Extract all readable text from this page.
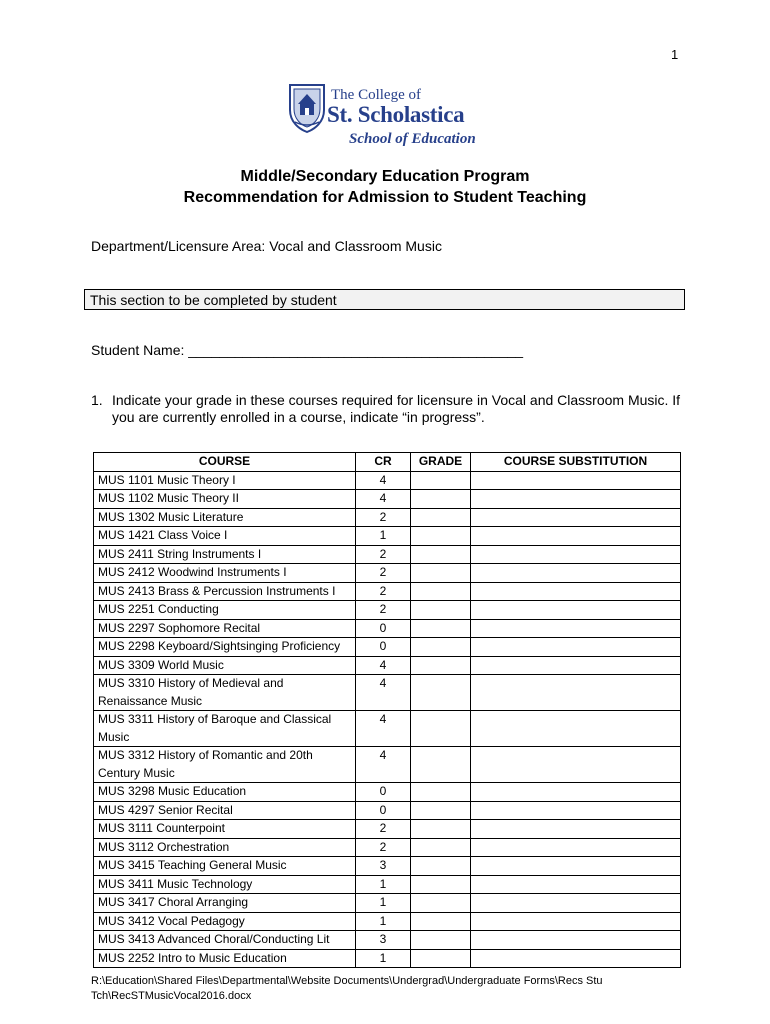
1
The College of
St. Scholastica
School of Education
Middle/Secondary Education Program
Recommendation for Admission to Student Teaching
Department/Licensure Area: Vocal and Classroom Music
This section to be completed by student
Student Name: ___________________________________________
1. Indicate your grade in these courses required for licensure in Vocal and Classroom Music. If you are currently enrolled in a course, indicate “in progress”.
COURSE	CR	GRADE	COURSE SUBSTITUTION
MUS 1101 Music Theory I	4		
MUS 1102 Music Theory II	4		
MUS 1302 Music Literature	2		
MUS 1421 Class Voice I	1		
MUS 2411 String Instruments I	2		
MUS 2412 Woodwind Instruments I	2		
MUS 2413 Brass & Percussion Instruments I	2		
MUS 2251 Conducting	2		
MUS 2297 Sophomore Recital	0		
MUS 2298 Keyboard/Sightsinging Proficiency	0		
MUS 3309 World Music	4		
MUS 3310 History of Medieval and Renaissance Music	4		
MUS 3311 History of Baroque and Classical Music	4		
MUS 3312 History of Romantic and 20th Century Music	4		
MUS 3298 Music Education	0		
MUS 4297 Senior Recital	0		
MUS 3111 Counterpoint	2		
MUS 3112 Orchestration	2		
MUS 3415 Teaching General Music	3		
MUS 3411 Music Technology	1		
MUS 3417 Choral Arranging	1		
MUS 3412 Vocal Pedagogy	1		
MUS 3413 Advanced Choral/Conducting Lit	3		
MUS 2252 Intro to Music Education	1		
R:\Education\Shared Files\Departmental\Website Documents\Undergrad\Undergraduate Forms\Recs Stu Tch\RecSTMusicVocal2016.docx
